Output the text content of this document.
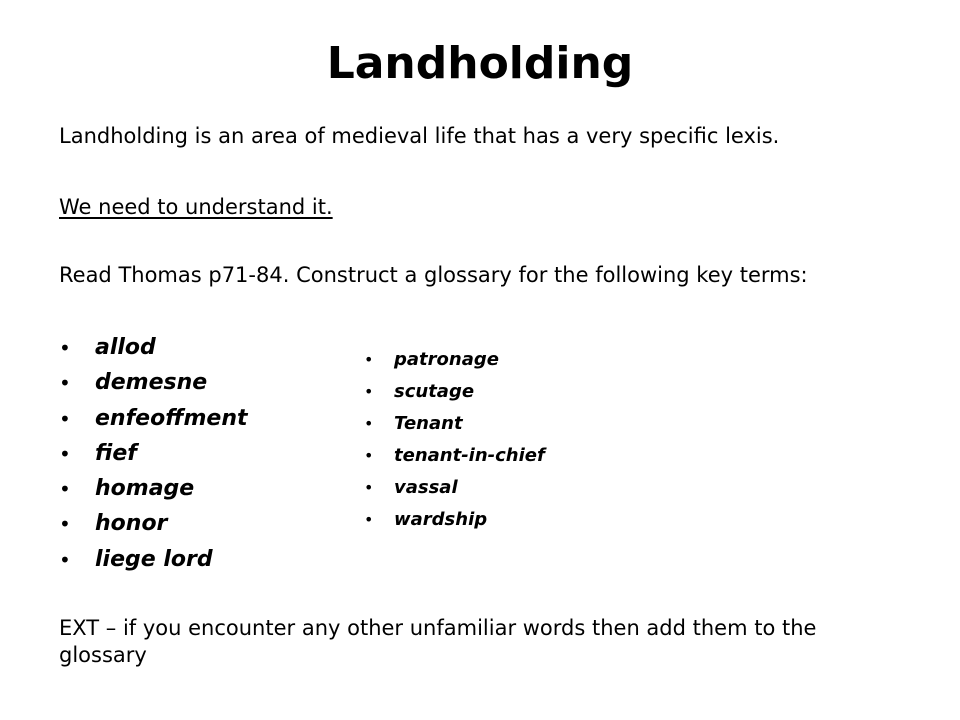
Landholding
Landholding is an area of medieval life that has a very specific lexis.
We need to understand it.
Read Thomas p71-84. Construct a glossary for the following key terms:
• allod
• demesne
• enfeoffment
• fief
• homage
• honor
• liege lord
• patronage
• scutage
• Tenant
• tenant-in-chief
• vassal
• wardship
EXT – if you encounter any other unfamiliar words then add them to the glossary
